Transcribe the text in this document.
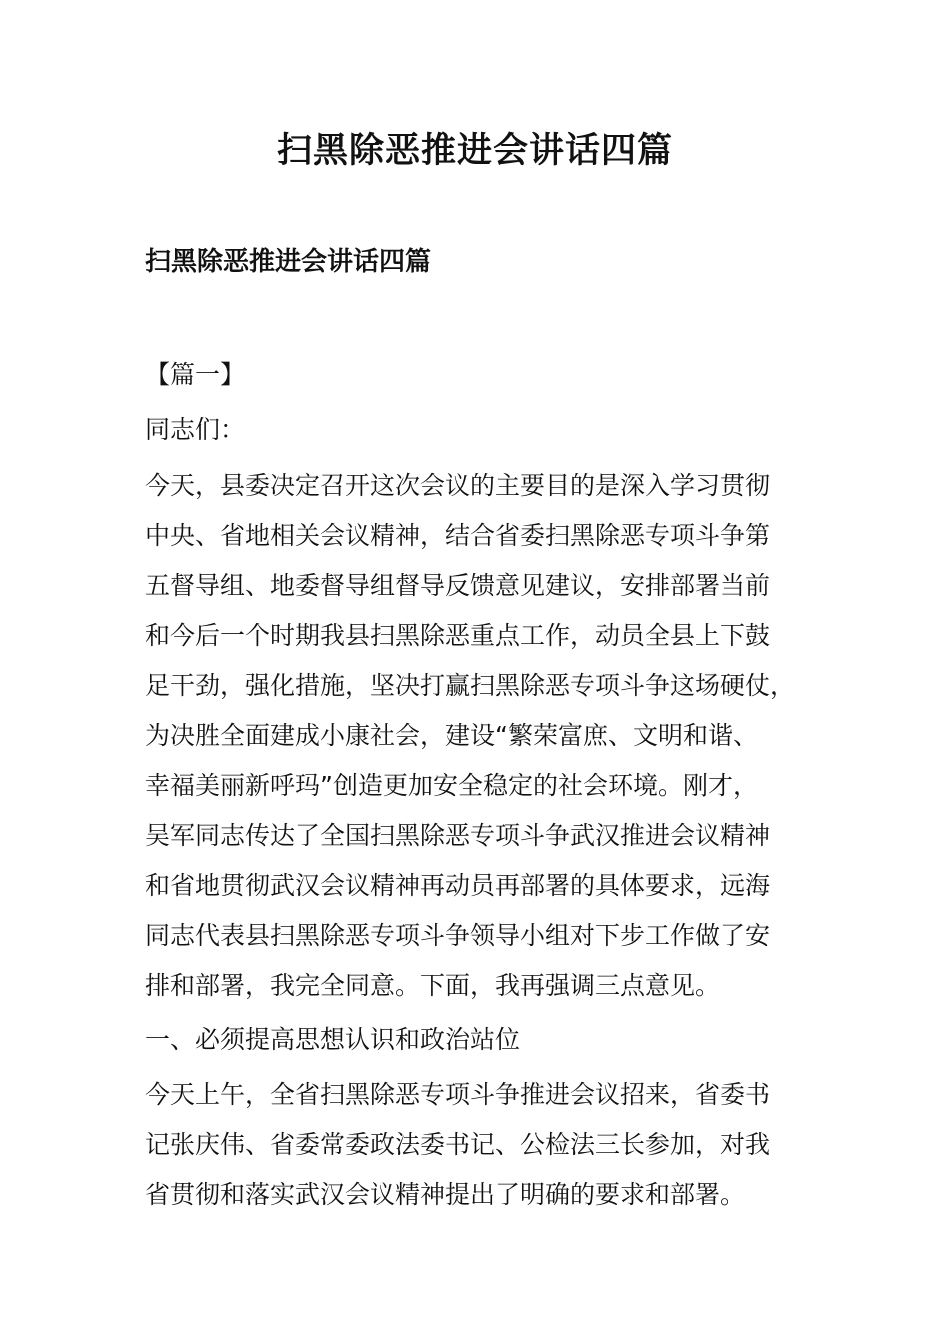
扫黑除恶推进会讲话四篇
扫黑除恶推进会讲话四篇
【篇一】
同志们：
今天，县委决定召开这次会议的主要目的是深入学习贯彻
中央、省地相关会议精神，结合省委扫黑除恶专项斗争第
五督导组、地委督导组督导反馈意见建议，安排部署当前
和今后一个时期我县扫黑除恶重点工作，动员全县上下鼓
足干劲，强化措施，坚决打赢扫黑除恶专项斗争这场硬仗，
为决胜全面建成小康社会，建设“繁荣富庶、文明和谐、
幸福美丽新呼玛”创造更加安全稳定的社会环境。刚才，
吴军同志传达了全国扫黑除恶专项斗争武汉推进会议精神
和省地贯彻武汉会议精神再动员再部署的具体要求，远海
同志代表县扫黑除恶专项斗争领导小组对下步工作做了安
排和部署，我完全同意。下面，我再强调三点意见。
一、必须提高思想认识和政治站位
今天上午，全省扫黑除恶专项斗争推进会议招来，省委书
记张庆伟、省委常委政法委书记、公检法三长参加，对我
省贯彻和落实武汉会议精神提出了明确的要求和部署。
